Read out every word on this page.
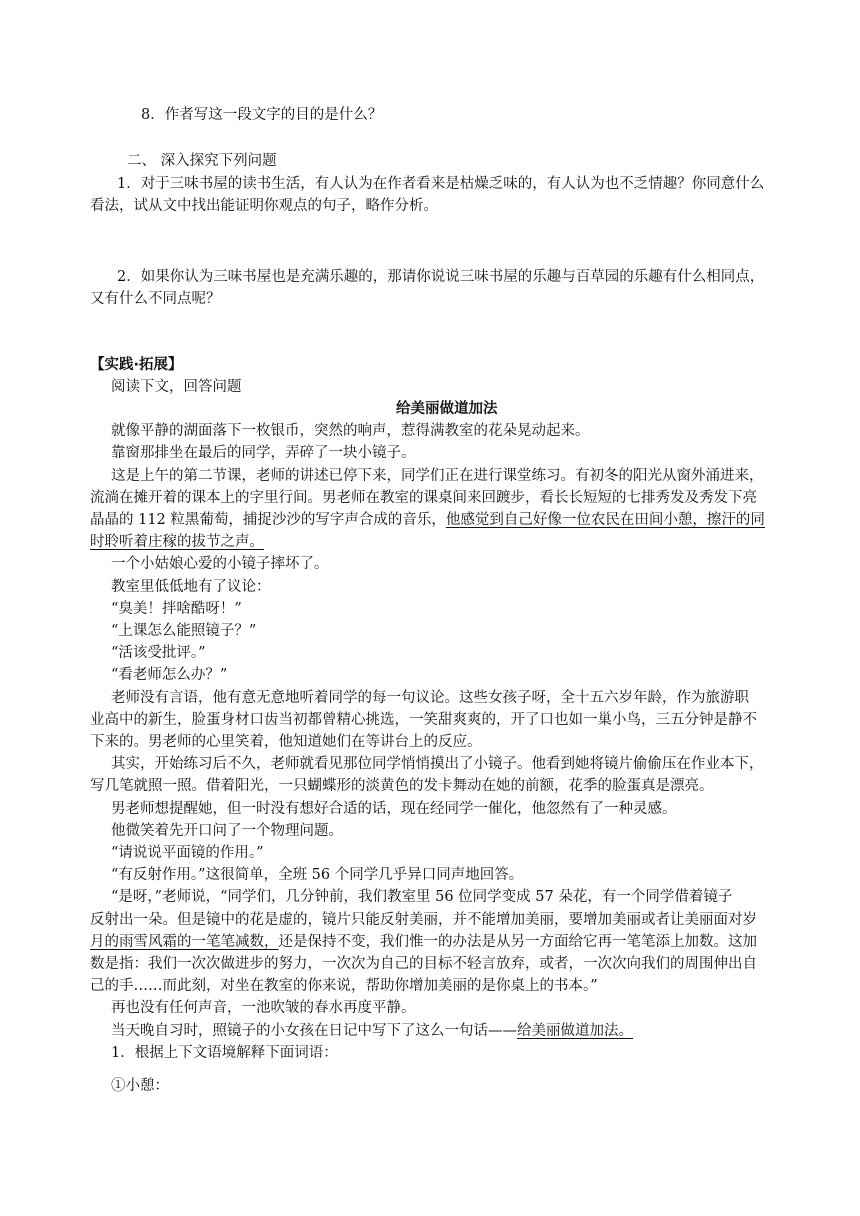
8．作者写这一段文字的目的是什么？
二、 深入探究下列问题
1．对于三味书屋的读书生活，有人认为在作者看来是枯燥乏味的，有人认为也不乏情趣？你同意什么
看法，试从文中找出能证明你观点的句子，略作分析。
2．如果你认为三味书屋也是充满乐趣的，那请你说说三味书屋的乐趣与百草园的乐趣有什么相同点，
又有什么不同点呢？
【实践·拓展】
阅读下文，回答问题
给美丽做道加法
就像平静的湖面落下一枚银币，突然的响声，惹得满教室的花朵晃动起来。
靠窗那排坐在最后的同学，弄碎了一块小镜子。
这是上午的第二节课，老师的讲述已停下来，同学们正在进行课堂练习。有初冬的阳光从窗外涌进来，
流淌在摊开着的课本上的字里行间。男老师在教室的课桌间来回踱步，看长长短短的七排秀发及秀发下亮
晶晶的 112 粒黑葡萄，捕捉沙沙的写字声合成的音乐，他感觉到自己好像一位农民在田间小憩，擦汗的同
时聆听着庄稼的拔节之声。
一个小姑娘心爱的小镜子摔坏了。
教室里低低地有了议论：
“臭美！拌啥酷呀！”
“上课怎么能照镜子？”
“活该受批评。”
“看老师怎么办？”
老师没有言语，他有意无意地听着同学的每一句议论。这些女孩子呀，全十五六岁年龄，作为旅游职
业高中的新生，脸蛋身材口齿当初都曾精心挑选，一笑甜爽爽的，开了口也如一巢小鸟，三五分钟是静不
下来的。男老师的心里笑着，他知道她们在等讲台上的反应。
其实，开始练习后不久，老师就看见那位同学悄悄摸出了小镜子。他看到她将镜片偷偷压在作业本下，
写几笔就照一照。借着阳光，一只蝴蝶形的淡黄色的发卡舞动在她的前额，花季的脸蛋真是漂亮。
男老师想提醒她，但一时没有想好合适的话，现在经同学一催化，他忽然有了一种灵感。
他微笑着先开口问了一个物理问题。
“请说说平面镜的作用。”
“有反射作用。”这很简单，全班 56 个同学几乎异口同声地回答。
“是呀，”老师说，“同学们，几分钟前，我们教室里 56 位同学变成 57 朵花，有一个同学借着镜子
反射出一朵。但是镜中的花是虚的，镜片只能反射美丽，并不能增加美丽，要增加美丽或者让美丽面对岁
月的雨雪风霜的一笔笔减数，还是保持不变，我们惟一的办法是从另一方面给它再一笔笔添上加数。这加
数是指：我们一次次做进步的努力，一次次为自己的目标不轻言放弃，或者，一次次向我们的周围伸出自
己的手……而此刻，对坐在教室的你来说，帮助你增加美丽的是你桌上的书本。”
再也没有任何声音，一池吹皱的春水再度平静。
当天晚自习时，照镜子的小女孩在日记中写下了这么一句话——给美丽做道加法。
1．根据上下文语境解释下面词语：
①小憩：
